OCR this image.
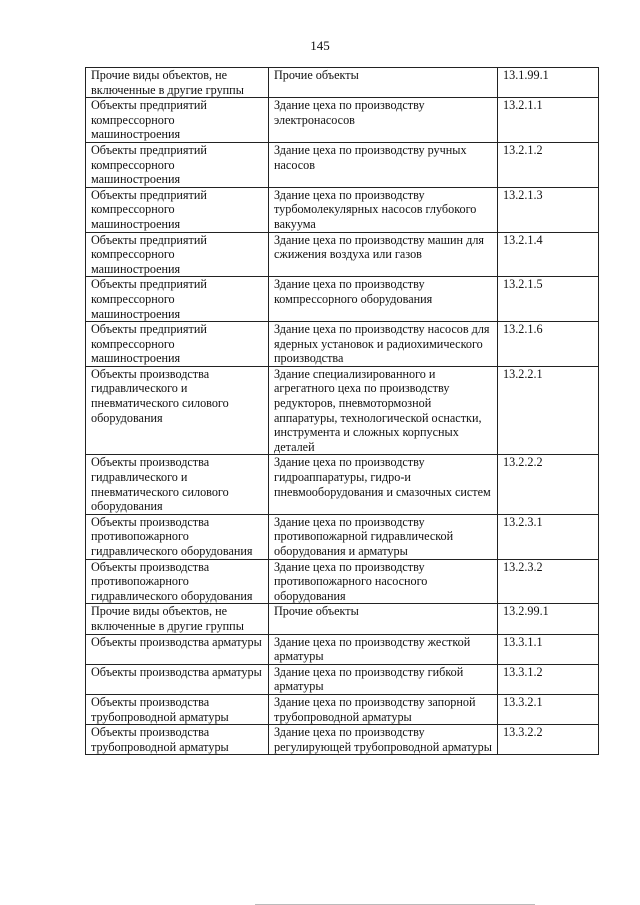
145
Прочие виды объектов, не включенные в другие группы	Прочие объекты	13.1.99.1
Объекты предприятий компрессорного машиностроения	Здание цеха по производству электронасосов	13.2.1.1
Объекты предприятий компрессорного машиностроения	Здание цеха по производству ручных насосов	13.2.1.2
Объекты предприятий компрессорного машиностроения	Здание цеха по производству турбомолекулярных насосов глубокого вакуума	13.2.1.3
Объекты предприятий компрессорного машиностроения	Здание цеха по производству машин для сжижения воздуха или газов	13.2.1.4
Объекты предприятий компрессорного машиностроения	Здание цеха по производству компрессорного оборудования	13.2.1.5
Объекты предприятий компрессорного машиностроения	Здание цеха по производству насосов для ядерных установок и радиохимического производства	13.2.1.6
Объекты производства гидравлического и пневматического силового оборудования	Здание специализированного и агрегатного цеха по производству редукторов, пневмотормозной аппаратуры, технологической оснастки, инструмента и сложных корпусных деталей	13.2.2.1
Объекты производства гидравлического и пневматического силового оборудования	Здание цеха по производству гидроаппаратуры, гидро-и пневмооборудования и смазочных систем	13.2.2.2
Объекты производства противопожарного гидравлического оборудования	Здание цеха по производству противопожарной гидравлической оборудования и арматуры	13.2.3.1
Объекты производства противопожарного гидравлического оборудования	Здание цеха по производству противопожарного насосного оборудования	13.2.3.2
Прочие виды объектов, не включенные в другие группы	Прочие объекты	13.2.99.1
Объекты производства арматуры	Здание цеха по производству жесткой арматуры	13.3.1.1
Объекты производства арматуры	Здание цеха по производству гибкой арматуры	13.3.1.2
Объекты производства трубопроводной арматуры	Здание цеха по производству запорной трубопроводной арматуры	13.3.2.1
Объекты производства трубопроводной арматуры	Здание цеха по производству регулирующей трубопроводной арматуры	13.3.2.2
